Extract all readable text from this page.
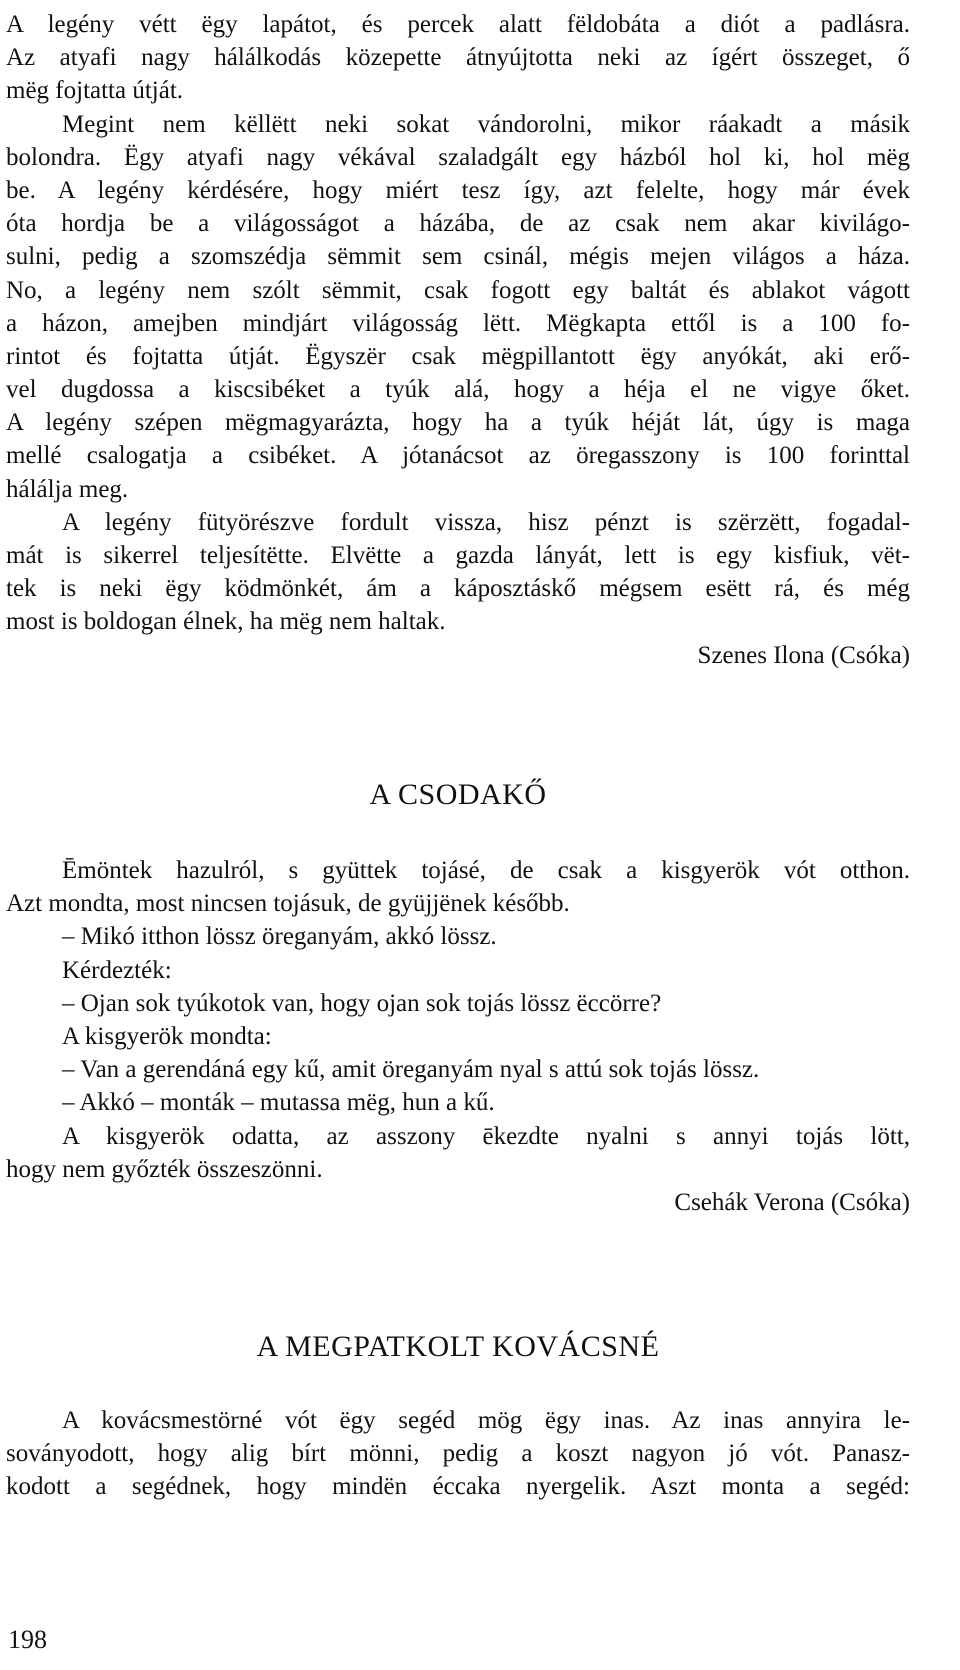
A legény vétt ëgy lapátot, és percek alatt fëldobáta a diót a padlásra.
Az atyafi nagy hálálkodás közepette átnyújtotta neki az ígért összeget, ő
mëg fojtatta útját.
Megint nem këllëtt neki sokat vándorolni, mikor ráakadt a másik
bolondra. Ëgy atyafi nagy vékával szaladgált egy házból hol ki, hol mëg
be. A legény kérdésére, hogy miért tesz így, azt felelte, hogy már évek
óta hordja be a világosságot a házába, de az csak nem akar kivilágo-
sulni, pedig a szomszédja sëmmit sem csinál, mégis mejen világos a háza.
No, a legény nem szólt sëmmit, csak fogott egy baltát és ablakot vágott
a házon, amejben mindjárt világosság lëtt. Mëgkapta ettől is a 100 fo-
rintot és fojtatta útját. Ëgyszër csak mëgpillantott ëgy anyókát, aki erő-
vel dugdossa a kiscsibéket a tyúk alá, hogy a héja el ne vigye őket.
A legény szépen mëgmagyarázta, hogy ha a tyúk héját lát, úgy is maga
mellé csalogatja a csibéket. A jótanácsot az öregasszony is 100 forinttal
hálálja meg.
A legény fütyörészve fordult vissza, hisz pénzt is szërzëtt, fogadal-
mát is sikerrel teljesítëtte. Elvëtte a gazda lányát, lett is egy kisfiuk, vët-
tek is neki ëgy ködmönkét, ám a káposztáskő mégsem esëtt rá, és még
most is boldogan élnek, ha mëg nem haltak.
Szenes Ilona (Csóka)
A CSODAKŐ
Ēmöntek hazulról, s gyüttek tojásé, de csak a kisgyerök vót otthon.
Azt mondta, most nincsen tojásuk, de gyüjjënek később.
– Mikó itthon lössz öreganyám, akkó lössz.
Kérdezték:
– Ojan sok tyúkotok van, hogy ojan sok tojás lössz ëccörre?
A kisgyerök mondta:
– Van a gerendáná egy kű, amit öreganyám nyal s attú sok tojás lössz.
– Akkó – monták – mutassa mëg, hun a kű.
A kisgyerök odatta, az asszony ēkezdte nyalni s annyi tojás lött,
hogy nem győzték összeszönni.
Csehák Verona (Csóka)
A MEGPATKOLT KOVÁCSNÉ
A kovácsmestörné vót ëgy segéd mög ëgy inas. Az inas annyira le-
soványodott, hogy alig bírt mönni, pedig a koszt nagyon jó vót. Panasz-
kodott a segédnek, hogy mindën éccaka nyergelik. Aszt monta a segéd:
198
